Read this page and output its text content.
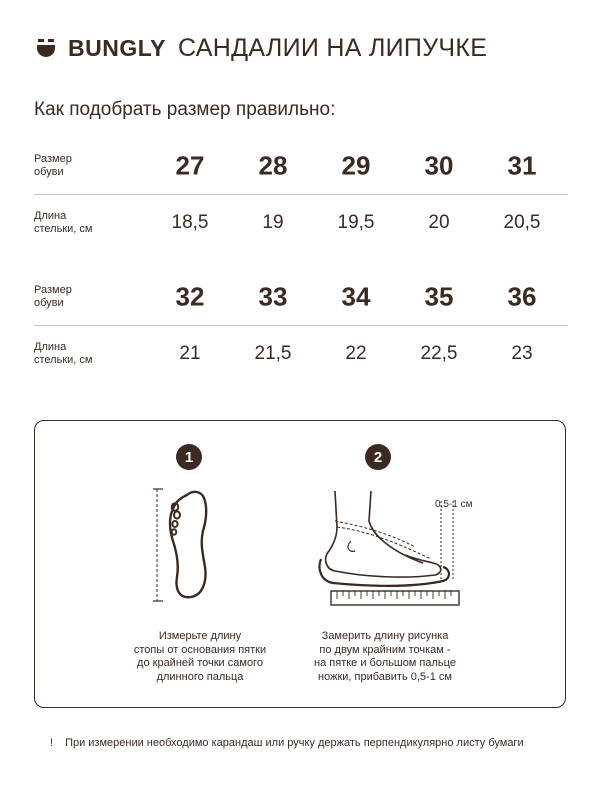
BUNGLY САНДАЛИИ НА ЛИПУЧКЕ
Как подобрать размер правильно:
Размер
обуви	27	28	29	30	31
Длина
стельки, см	18,5	19	19,5	20	20,5
Размер
обуви	32	33	34	35	36
Длина
стельки, см	21	21,5	22	22,5	23
1
Измерьте длину
стопы от основания пятки
до крайней точки самого
длинного пальца
2
0,5-1 см
Замерить длину рисунка
по двум крайним точкам -
на пятке и большом пальце
ножки, прибавить 0,5-1 см
! При измерении необходимо карандаш или ручку держать перпендикулярно листу бумаги
